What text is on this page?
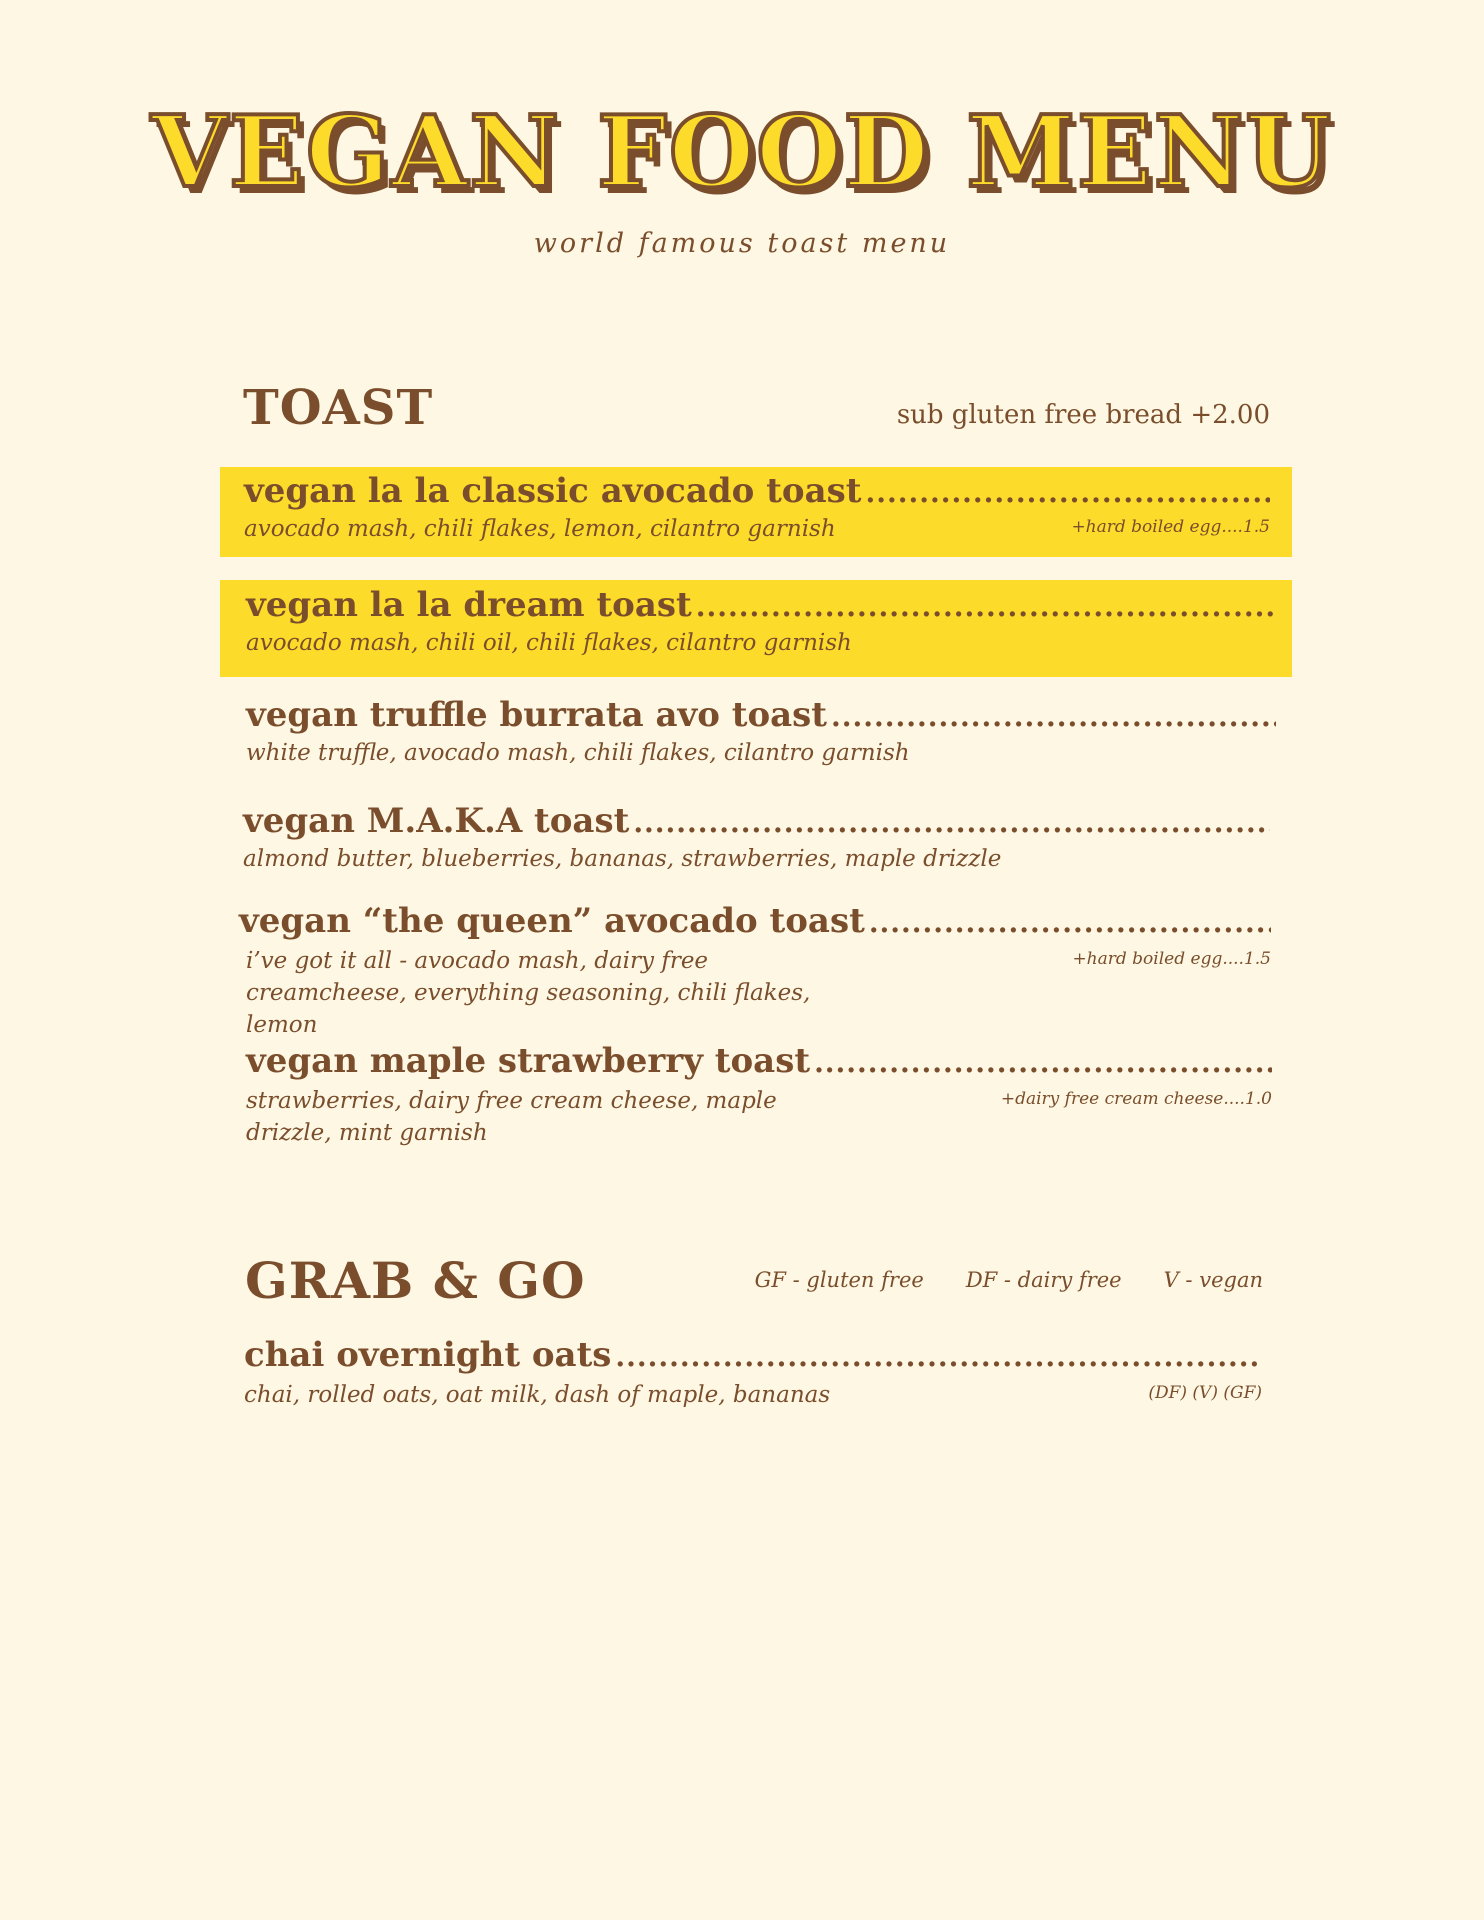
VEGAN FOOD MENU
world famous toast menu
TOAST	sub gluten free bread +2.00
vegan la la classic avocado toast
.....
avocado mash, chili flakes, lemon, cilantro garnish	+hard boiled egg....1.5
vegan la la dream toast
.....
avocado mash, chili oil, chili flakes, cilantro garnish
vegan truffle burrata avo toast
.....
white truffle, avocado mash, chili flakes, cilantro garnish
vegan M.A.K.A toast
.....
almond butter, blueberries, bananas, strawberries, maple drizzle
vegan “the queen” avocado toast
.....
i’ve got it all - avocado mash, dairy free creamcheese, everything seasoning, chili flakes, lemon
+hard boiled egg....1.5
vegan maple strawberry toast
.....
strawberries, dairy free cream cheese, maple drizzle, mint garnish
+dairy free cream cheese....1.0
GRAB & GO	GF - gluten free DF - dairy free V - vegan
chai overnight oats
.....
chai, rolled oats, oat milk, dash of maple, bananas	(DF) (V) (GF)
